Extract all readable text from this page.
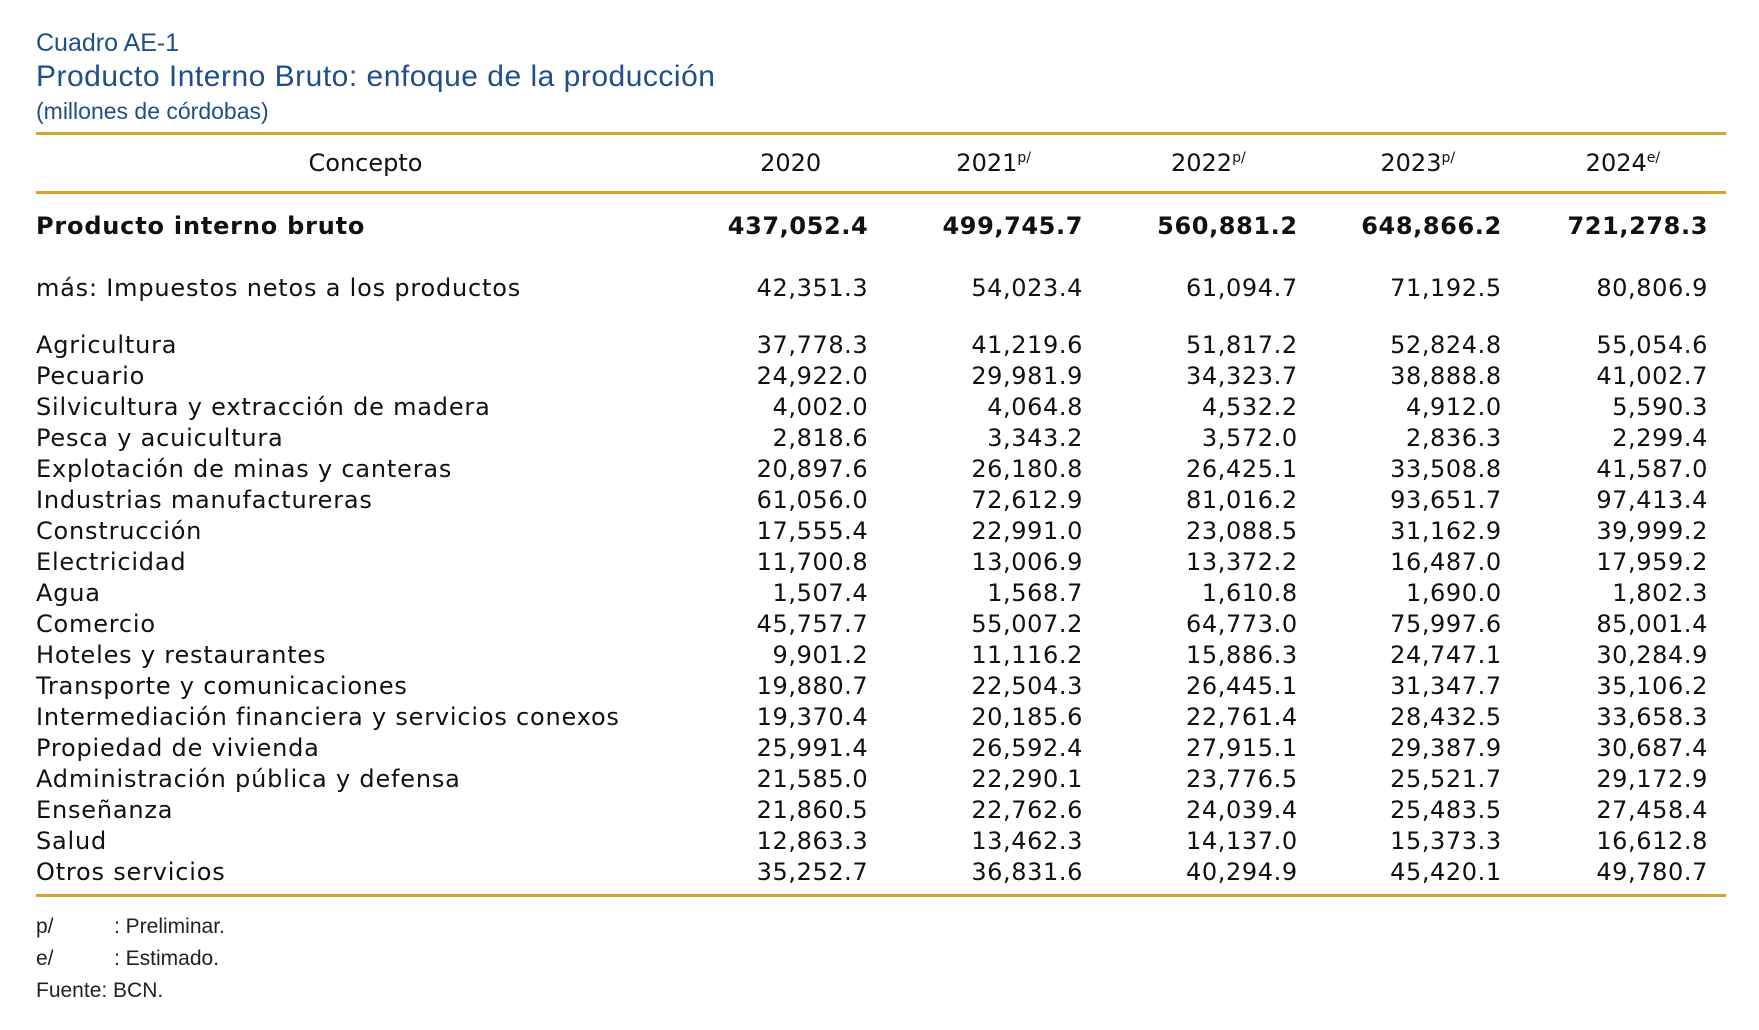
Cuadro AE-1
Producto Interno Bruto: enfoque de la producción
(millones de córdobas)
Concepto	2020	$2021^{p/}$	$2022^{p/}$	$2023^{p/}$	$2024^{e/}$
Producto interno bruto	437,052.4	499,745.7	560,881.2	648,866.2	721,278.3
más: Impuestos netos a los productos	42,351.3	54,023.4	61,094.7	71,192.5	80,806.9
Agricultura	37,778.3	41,219.6	51,817.2	52,824.8	55,054.6
Pecuario	24,922.0	29,981.9	34,323.7	38,888.8	41,002.7
Silvicultura y extracción de madera	4,002.0	4,064.8	4,532.2	4,912.0	5,590.3
Pesca y acuicultura	2,818.6	3,343.2	3,572.0	2,836.3	2,299.4
Explotación de minas y canteras	20,897.6	26,180.8	26,425.1	33,508.8	41,587.0
Industrias manufactureras	61,056.0	72,612.9	81,016.2	93,651.7	97,413.4
Construcción	17,555.4	22,991.0	23,088.5	31,162.9	39,999.2
Electricidad	11,700.8	13,006.9	13,372.2	16,487.0	17,959.2
Agua	1,507.4	1,568.7	1,610.8	1,690.0	1,802.3
Comercio	45,757.7	55,007.2	64,773.0	75,997.6	85,001.4
Hoteles y restaurantes	9,901.2	11,116.2	15,886.3	24,747.1	30,284.9
Transporte y comunicaciones	19,880.7	22,504.3	26,445.1	31,347.7	35,106.2
Intermediación financiera y servicios conexos	19,370.4	20,185.6	22,761.4	28,432.5	33,658.3
Propiedad de vivienda	25,991.4	26,592.4	27,915.1	29,387.9	30,687.4
Administración pública y defensa	21,585.0	22,290.1	23,776.5	25,521.7	29,172.9
Enseñanza	21,860.5	22,762.6	24,039.4	25,483.5	27,458.4
Salud	12,863.3	13,462.3	14,137.0	15,373.3	16,612.8
Otros servicios	35,252.7	36,831.6	40,294.9	45,420.1	49,780.7
p/	: Preliminar.
e/	: Estimado.
Fuente: BCN.
